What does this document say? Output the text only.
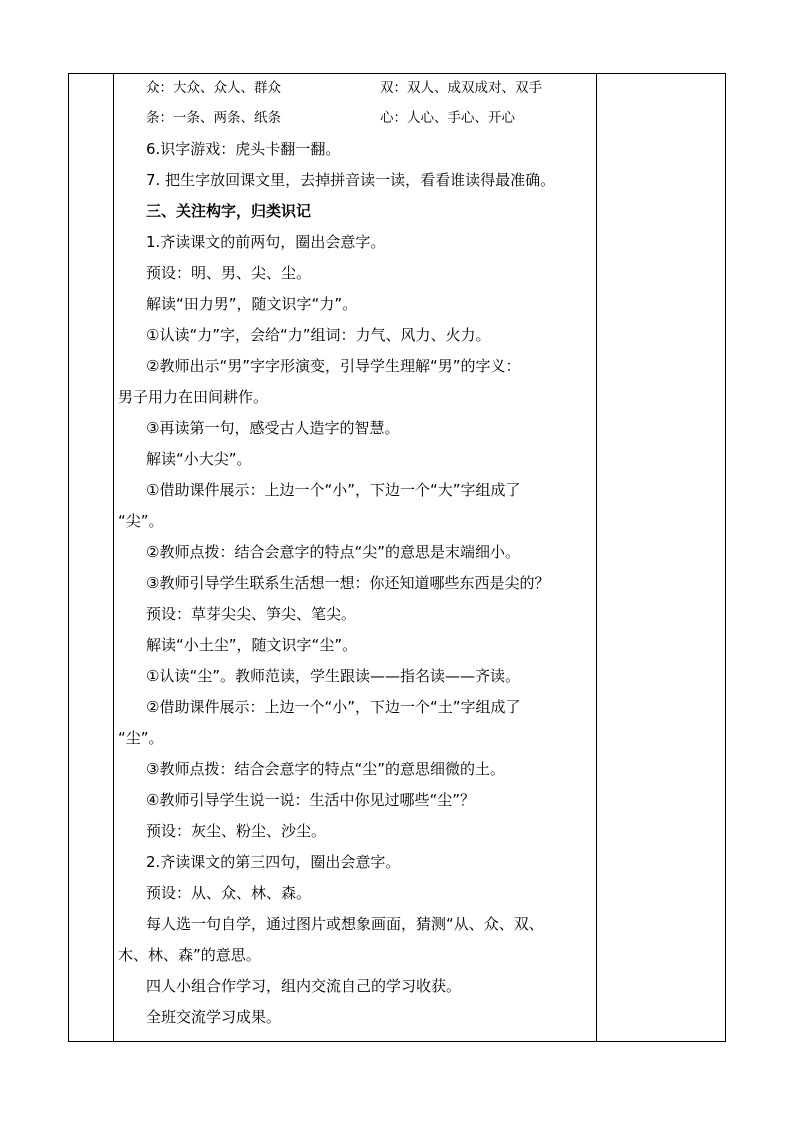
众：大众、众人、群众	双：双人、成双成对、双手
条：一条、两条、纸条	心：人心、手心、开心
6.识字游戏：虎头卡翻一翻。
7. 把生字放回课文里，去掉拼音读一读，看看谁读得最准确。
三、关注构字，归类识记
1.齐读课文的前两句，圈出会意字。
预设：明、男、尖、尘。
解读“田力男”，随文识字“力”。
①认读“力”字，会给“力”组词：力气、风力、火力。
②教师出示“男”字字形演变，引导学生理解“男”的字义：
男子用力在田间耕作。
③再读第一句，感受古人造字的智慧。
解读“小大尖”。
①借助课件展示：上边一个“小”，下边一个“大”字组成了
“尖”。
②教师点拨：结合会意字的特点“尖”的意思是末端细小。
③教师引导学生联系生活想一想：你还知道哪些东西是尖的？
预设：草芽尖尖、笋尖、笔尖。
解读“小土尘”，随文识字“尘”。
①认读“尘”。教师范读，学生跟读——指名读——齐读。
②借助课件展示：上边一个“小”，下边一个“土”字组成了
“尘”。
③教师点拨：结合会意字的特点“尘”的意思细微的土。
④教师引导学生说一说：生活中你见过哪些“尘”？
预设：灰尘、粉尘、沙尘。
2.齐读课文的第三四句，圈出会意字。
预设：从、众、林、森。
每人选一句自学，通过图片或想象画面，猜测“从、众、双、
木、林、森”的意思。
四人小组合作学习，组内交流自己的学习收获。
全班交流学习成果。
